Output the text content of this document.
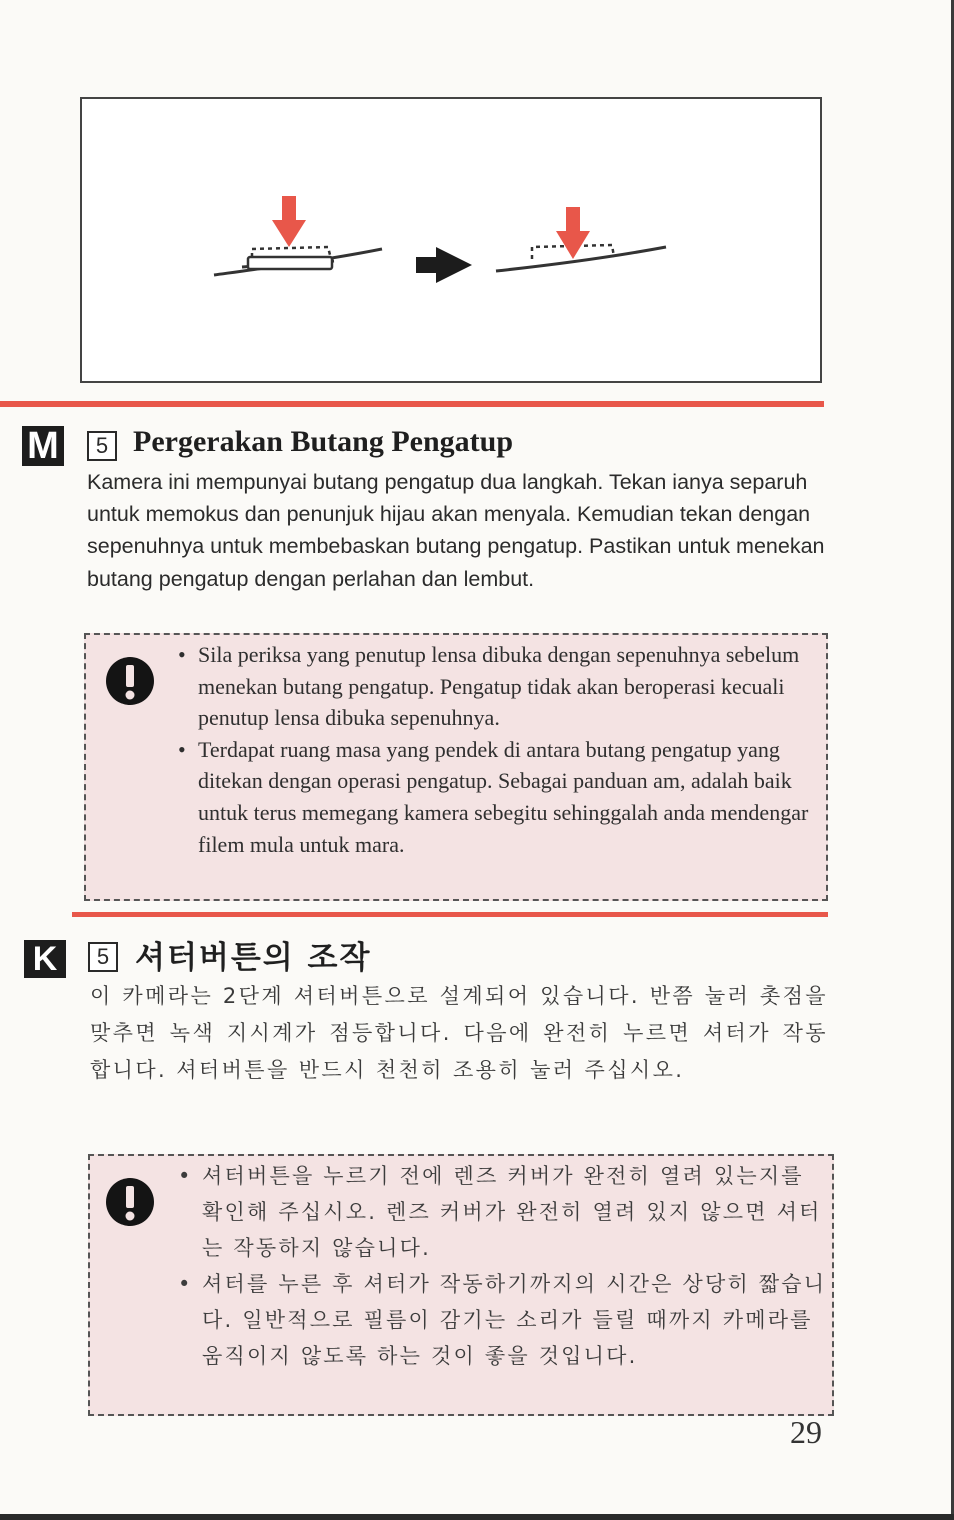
M	5 Pergerakan Butang Pengatup

Kamera ini mempunyai butang pengatup dua langkah. Tekan ianya separuh untuk memokus dan penunjuk hijau akan menyala. Kemudian tekan dengan sepenuhnya untuk membebaskan butang pengatup. Pastikan untuk menekan butang pengatup dengan perlahan dan lembut.

• Sila periksa yang penutup lensa dibuka dengan sepenuhnya sebelum menekan butang pengatup. Pengatup tidak akan beroperasi kecuali penutup lensa dibuka sepenuhnya.
• Terdapat ruang masa yang pendek di antara butang pengatup yang ditekan dengan operasi pengatup. Sebagai panduan am, adalah baik untuk terus memegang kamera sebegitu sehinggalah anda mendengar filem mula untuk mara.
K	5 셔터버튼의 조작

이 카메라는 2단계 셔터버튼으로 설계되어 있습니다. 반쯤 눌러 촛점을 맞추면 녹색 지시계가 점등합니다. 다음에 완전히 누르면 셔터가 작동합니다. 셔터버튼을 반드시 천천히 조용히 눌러 주십시오.

• 셔터버튼을 누르기 전에 렌즈 커버가 완전히 열려 있는지를 확인해 주십시오. 렌즈 커버가 완전히 열려 있지 않으면 셔터는 작동하지 않습니다.
• 셔터를 누른 후 셔터가 작동하기까지의 시간은 상당히 짧습니다. 일반적으로 필름이 감기는 소리가 들릴 때까지 카메라를 움직이지 않도록 하는 것이 좋을 것입니다.
29
